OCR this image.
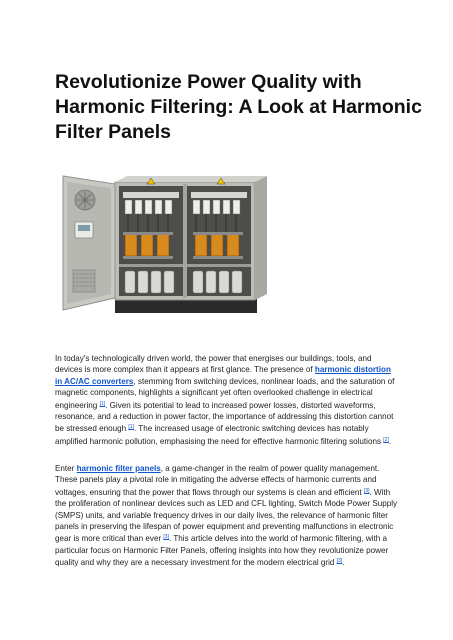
Revolutionize Power Quality with Harmonic Filtering: A Look at Harmonic Filter Panels

In today's technologically driven world, the power that energises our buildings, tools, and devices is more complex than it appears at first glance. The presence of harmonic distortion in AC/AC converters, stemming from switching devices, nonlinear loads, and the saturation of magnetic components, highlights a significant yet often overlooked challenge in electrical engineering [1]. Given its potential to lead to increased power losses, distorted waveforms, resonance, and a reduction in power factor, the importance of addressing this distortion cannot be stressed enough [1]. The increased usage of electronic switching devices has notably amplified harmonic pollution, emphasising the need for effective harmonic filtering solutions [2].

Enter harmonic filter panels, a game-changer in the realm of power quality management. These panels play a pivotal role in mitigating the adverse effects of harmonic currents and voltages, ensuring that the power that flows through our systems is clean and efficient [3]. With the proliferation of nonlinear devices such as LED and CFL lighting, Switch Mode Power Supply (SMPS) units, and variable frequency drives in our daily lives, the relevance of harmonic filter panels in preserving the lifespan of power equipment and preventing malfunctions in electronic gear is more critical than ever [3]. This article delves into the world of harmonic filtering, with a particular focus on Harmonic Filter Panels, offering insights into how they revolutionize power quality and why they are a necessary investment for the modern electrical grid [3].
